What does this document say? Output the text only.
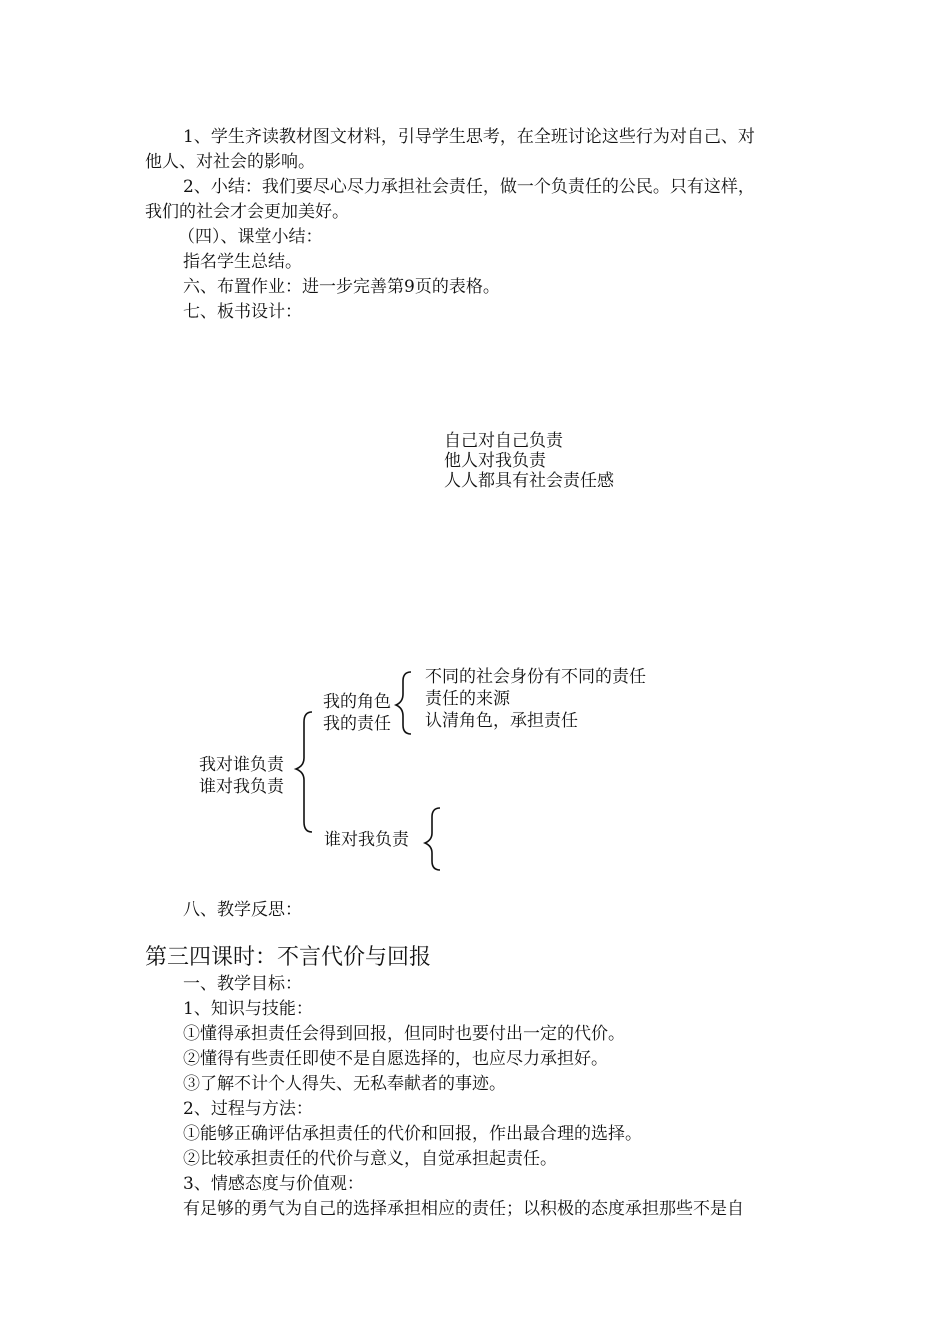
1、学生齐读教材图文材料，引导学生思考，在全班讨论这些行为对自己、对
他人、对社会的影响。
2、小结：我们要尽心尽力承担社会责任，做一个负责任的公民。只有这样，
我们的社会才会更加美好。
（四）、课堂小结：
指名学生总结。
六、布置作业：进一步完善第9页的表格。
七、板书设计：
自己对自己负责
他人对我负责
人人都具有社会责任感
我对谁负责
谁对我负责
我的角色
我的责任
不同的社会身份有不同的责任
责任的来源
认清角色，承担责任
谁对我负责
八、教学反思：
第三四课时：不言代价与回报
一、教学目标：
1、知识与技能：
①懂得承担责任会得到回报，但同时也要付出一定的代价。
②懂得有些责任即使不是自愿选择的，也应尽力承担好。
③了解不计个人得失、无私奉献者的事迹。
2、过程与方法：
①能够正确评估承担责任的代价和回报，作出最合理的选择。
②比较承担责任的代价与意义，自觉承担起责任。
3、情感态度与价值观：
有足够的勇气为自己的选择承担相应的责任；以积极的态度承担那些不是自
